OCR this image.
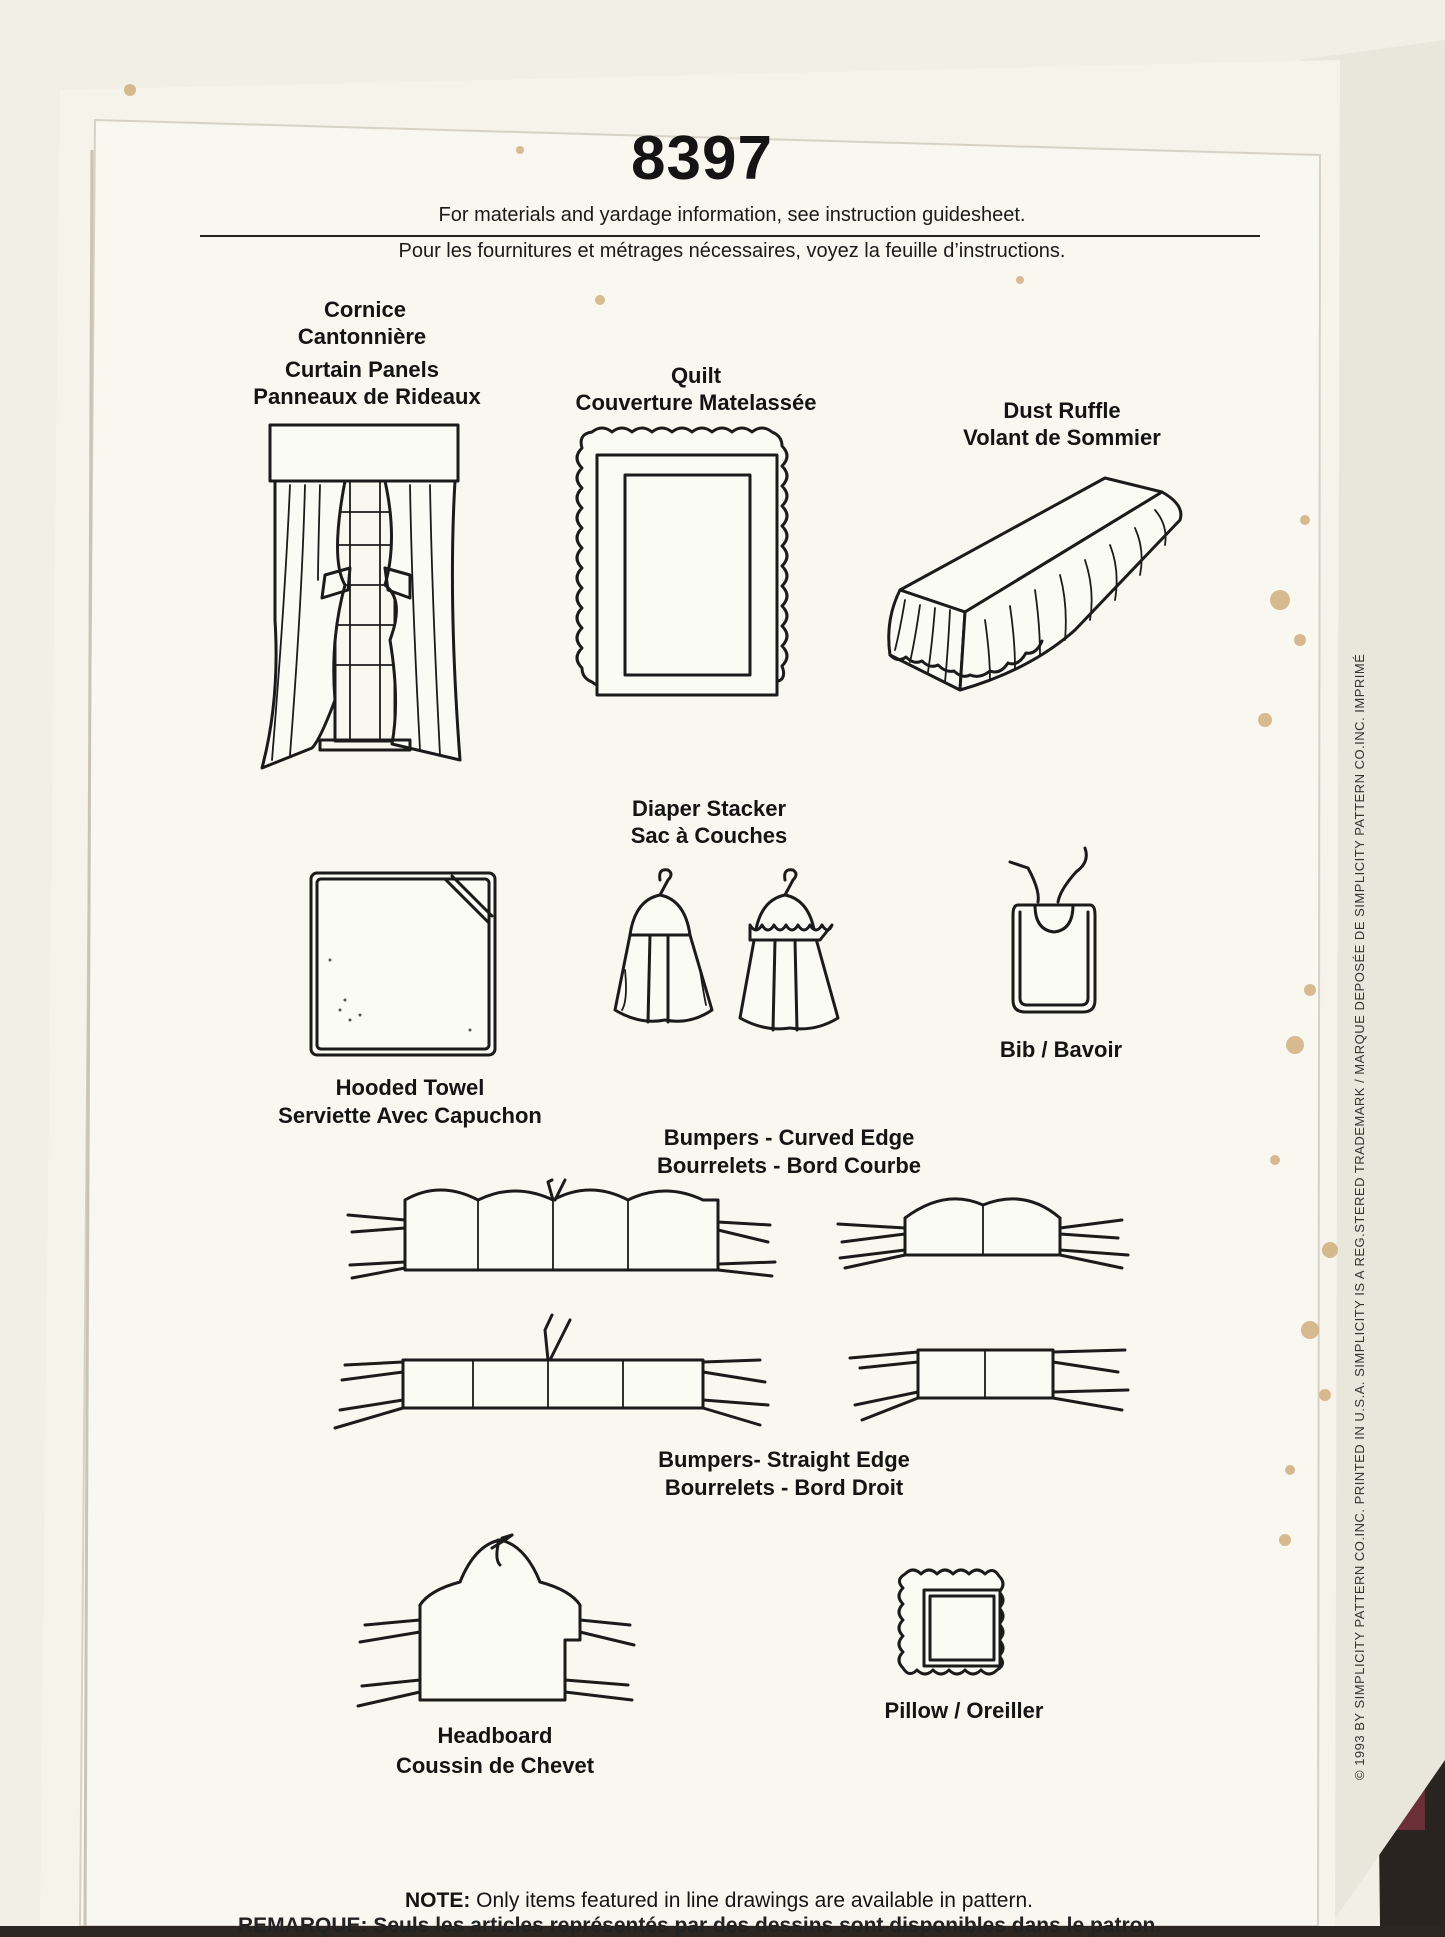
8397
For materials and yardage information, see instruction guidesheet.
Pour les fournitures et métrages nécessaires, voyez la feuille d’instructions.
Cornice
Cantonnière
Curtain Panels
Panneaux de Rideaux
Quilt
Couverture Matelassée	Dust Ruffle
Volant de Sommier
Diaper Stacker
Sac à Couches
Bib / Bavoir
Hooded Towel
Serviette Avec Capuchon
Bumpers - Curved Edge
Bourrelets - Bord Courbe
Bumpers- Straight Edge
Bourrelets - Bord Droit
Headboard
Coussin de Chevet
Pillow / Oreiller	© 1993 BY SIMPLICITY PATTERN CO.INC. PRINTED IN U.S.A. SIMPLICITY IS A REG.STERED TRADEMARK / MARQUE DEPOSÉE DE SIMPLICITY PATTERN CO.INC. IMPRIMÉ
NOTE: Only items featured in line drawings are available in pattern.
REMARQUE: Seuls les articles représentés par des dessins sont disponibles dans le patron.
